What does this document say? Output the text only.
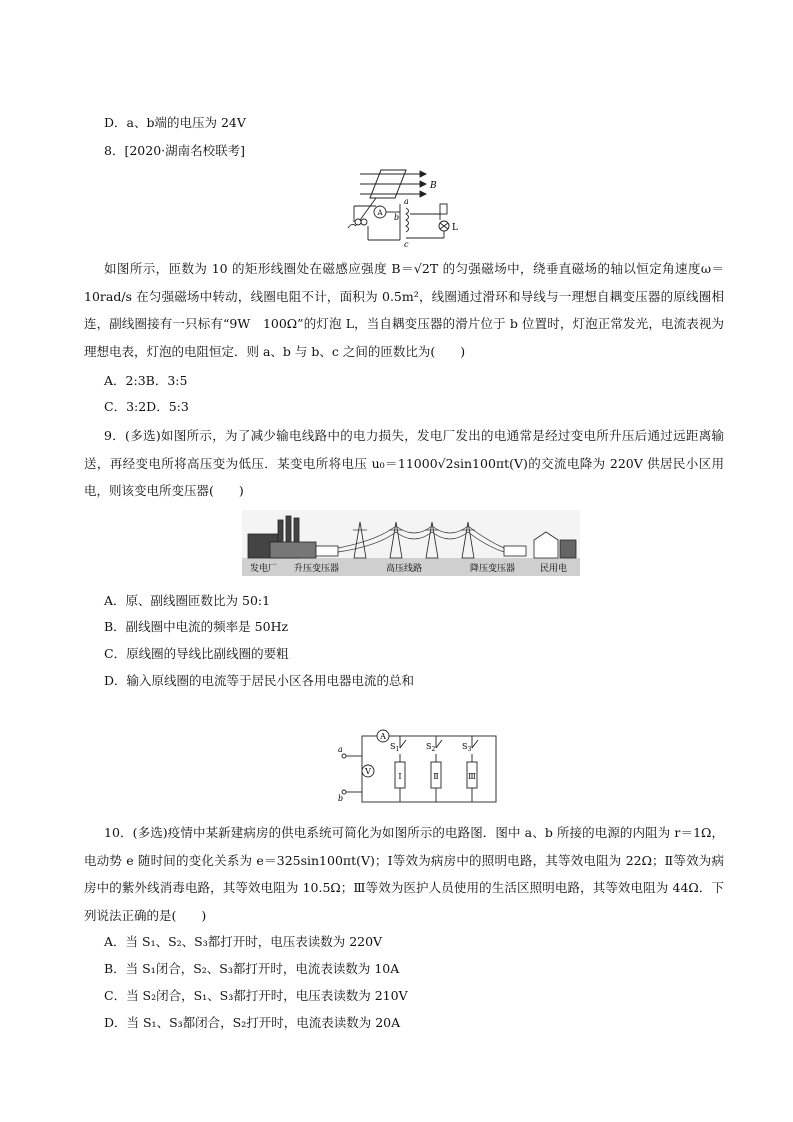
D．a、b端的电压为 24V
8．[2020·湖南名校联考]
B
A
a
b
c
L
如图所示，匝数为 10 的矩形线圈处在磁感应强度 B＝√2T 的匀强磁场中，绕垂直磁场的轴以恒定角速度ω＝10rad/s 在匀强磁场中转动，线圈电阻不计，面积为 0.5m²，线圈通过滑环和导线与一理想自耦变压器的原线圈相连，副线圈接有一只标有“9W　100Ω”的灯泡 L，当自耦变压器的滑片位于 b 位置时，灯泡正常发光，电流表视为理想电表，灯泡的电阻恒定．则 a、b 与 b、c 之间的匝数比为(　　)
A．2:3B．3:5
C．3:2D．5:3
9．(多选)如图所示，为了减少输电线路中的电力损失，发电厂发出的电通常是经过变电所升压后通过远距离输送，再经变电所将高压变为低压．某变电所将电压 u₀＝11000√2sin100πt(V)的交流电降为 220V 供居民小区用电，则该变电所变压器(　　)
发电厂 升压变压器	高压线路	降压变压器	民用电
A．原、副线圈匝数比为 50:1
B．副线圈中电流的频率是 50Hz
C．原线圈的导线比副线圈的要粗
D．输入原线圈的电流等于居民小区各用电器电流的总和
A
V
a
b
$S_1$	$S_2$	$S_3$
Ⅰ	Ⅱ	Ⅲ
10．(多选)疫情中某新建病房的供电系统可简化为如图所示的电路图．图中 a、b 所接的电源的内阻为 r＝1Ω，电动势 e 随时间的变化关系为 e＝325sin100πt(V)；Ⅰ等效为病房中的照明电路，其等效电阻为 22Ω；Ⅱ等效为病房中的紫外线消毒电路，其等效电阻为 10.5Ω；Ⅲ等效为医护人员使用的生活区照明电路，其等效电阻为 44Ω．下列说法正确的是(　　)
A．当 S₁、S₂、S₃都打开时，电压表读数为 220V
B．当 S₁闭合，S₂、S₃都打开时，电流表读数为 10A
C．当 S₂闭合，S₁、S₃都打开时，电压表读数为 210V
D．当 S₁、S₃都闭合，S₂打开时，电流表读数为 20A
